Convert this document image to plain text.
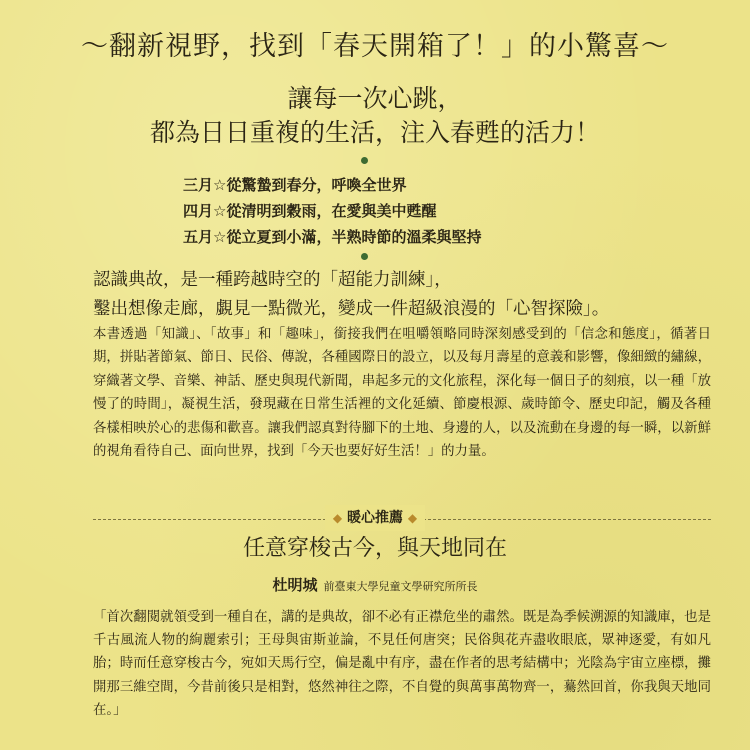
～翻新視野，找到「春天開箱了！」的小驚喜～
讓每一次心跳，
都為日日重複的生活，注入春甦的活力！
三月☆從驚蟄到春分，呼喚全世界
四月☆從清明到穀雨，在愛與美中甦醒
五月☆從立夏到小滿，半熟時節的溫柔與堅持
認識典故，是一種跨越時空的「超能力訓練」，
鑿出想像走廊，覷見一點微光，變成一件超級浪漫的「心智探險」。
本書透過「知識」、「故事」和「趣味」，銜接我們在咀嚼領略同時深刻感受到的「信念和態度」，循著日期，拼貼著節氣、節日、民俗、傳說，各種國際日的設立，以及每月壽星的意義和影響，像細緻的繡線，穿織著文學、音樂、神話、歷史與現代新聞，串起多元的文化旅程，深化每一個日子的刻痕，以一種「放慢了的時間」，凝視生活，發現藏在日常生活裡的文化延續、節慶根源、歲時節令、歷史印記，觸及各種各樣相映於心的悲傷和歡喜。讓我們認真對待腳下的土地、身邊的人，以及流動在身邊的每一瞬，以新鮮的視角看待自己、面向世界，找到「今天也要好好生活！」的力量。
◆ 暖心推薦 ◆
任意穿梭古今，與天地同在
杜明城 前臺東大學兒童文學研究所所長
「首次翻閱就領受到一種自在，講的是典故，卻不必有正襟危坐的肅然。既是為季候溯源的知識庫，也是千古風流人物的絢麗索引；王母與宙斯並論，不見任何唐突；民俗與花卉盡收眼底，眾神逐愛，有如凡胎；時而任意穿梭古今，宛如天馬行空，偏是亂中有序，盡在作者的思考結構中；光陰為宇宙立座標，攤開那三維空間，今昔前後只是相對，悠然神往之際，不自覺的與萬事萬物齊一，驀然回首，你我與天地同在。」
